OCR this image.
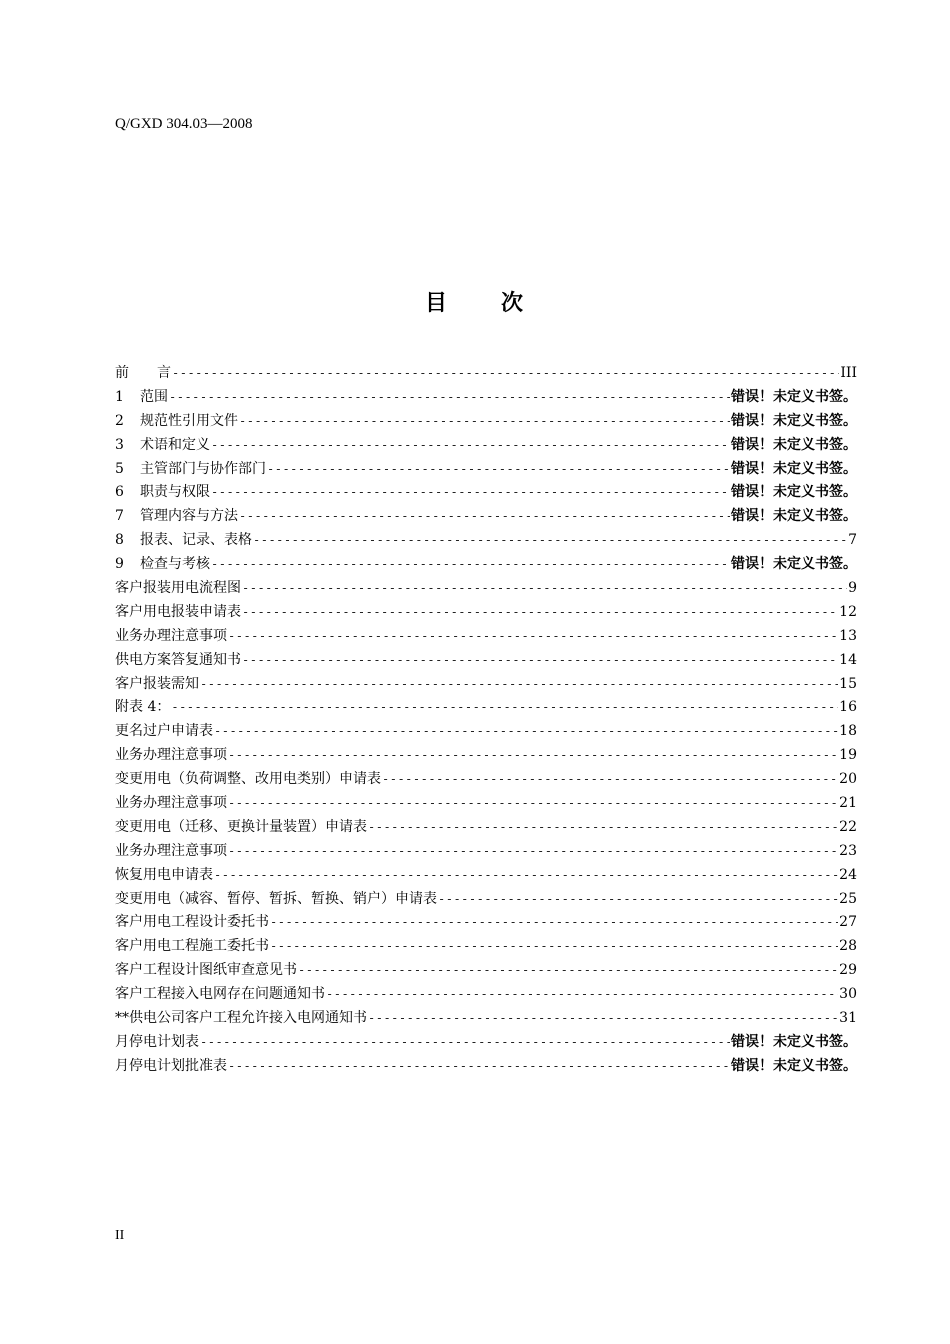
Q/GXD 304.03—2008
目 次
前　　言 -----	III
1	范围 -----	错误！未定义书签。
2	规范性引用文件 -----	错误！未定义书签。
3	术语和定义 -----	错误！未定义书签。
5	主管部门与协作部门 -----	错误！未定义书签。
6	职责与权限 -----	错误！未定义书签。
7	管理内容与方法 -----	错误！未定义书签。
8	报表、记录、表格 -----	7
9	检查与考核 -----	错误！未定义书签。
客户报装用电流程图 -----	9
客户用电报装申请表 -----	12
业务办理注意事项 -----	13
供电方案答复通知书 -----	14
客户报装需知 -----	15
附表 4： -----	16
更名过户申请表 -----	18
业务办理注意事项 -----	19
变更用电（负荷调整、改用电类别）申请表 -----	20
业务办理注意事项 -----	21
变更用电（迁移、更换计量装置）申请表 -----	22
业务办理注意事项 -----	23
恢复用电申请表 -----	24
变更用电（减容、暂停、暂拆、暂换、销户）申请表 -----	25
客户用电工程设计委托书 -----	27
客户用电工程施工委托书 -----	28
客户工程设计图纸审查意见书 -----	29
客户工程接入电网存在问题通知书 -----	30
**供电公司客户工程允许接入电网通知书 -----	31
月停电计划表 -----	错误！未定义书签。
月停电计划批准表 -----	错误！未定义书签。
II
